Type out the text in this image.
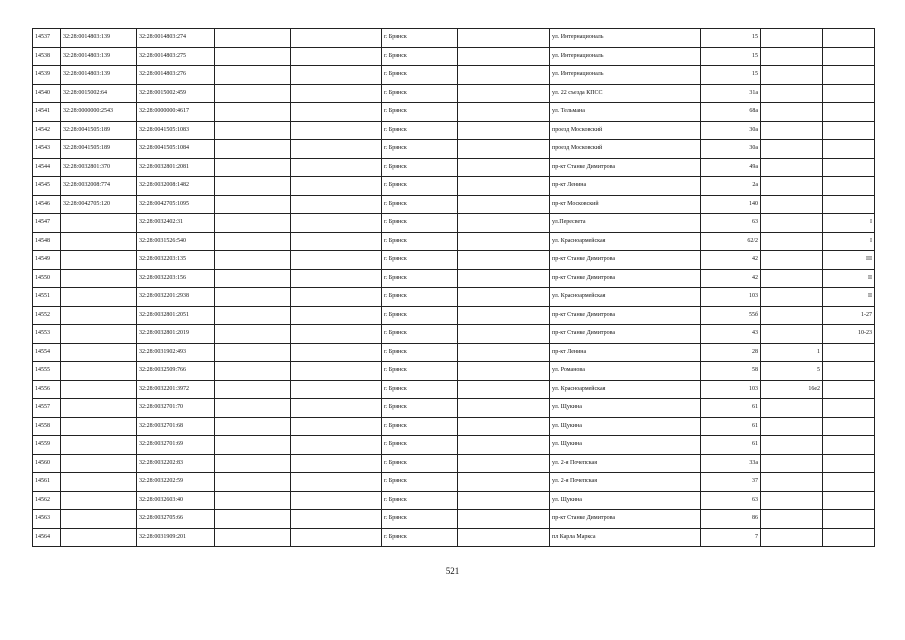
14537	32:28:0014803:139	32:28:0014803:274			г. Брянск		ул. Интернациональ	15		
14538	32:28:0014803:139	32:28:0014803:275			г. Брянск		ул. Интернациональ	15		
14539	32:28:0014803:139	32:28:0014803:276			г. Брянск		ул. Интернациональ	15		
14540	32:28:0015002:64	32:28:0015002:459			г. Брянск		ул. 22 съезда КПСС	31а		
14541	32:28:0000000:2543	32:28:0000000:4617			г. Брянск		ул. Тельмана	68а		
14542	32:28:0041505:189	32:28:0041505:1083			г. Брянск		проезд Московский	30а		
14543	32:28:0041505:189	32:28:0041505:1084			г. Брянск		проезд Московский	30а		
14544	32:28:0032801:370	32:28:0032801:2081			г. Брянск		пр-кт Станке Димитрова	49а		
14545	32:28:0032008:774	32:28:0032008:1482			г. Брянск		пр-кт Ленина	2а		
14546	32:28:0042705:120	32:28:0042705:1095			г. Брянск		пр-кт Московский	140		
14547		32:28:0032402:31			г. Брянск		ул.Пересвета	63		I
14548		32:28:0031526:540			г. Брянск		ул. Красноармейская	62/2		I
14549		32:28:0032203:135			г. Брянск		пр-кт Станке Димитрова	42		III
14550		32:28:0032203:156			г. Брянск		пр-кт Станке Димитрова	42		II
14551		32:28:0032201:2938			г. Брянск		ул. Красноармейская	103		II
14552		32:28:0032801:2051			г. Брянск		пр-кт Станке Димитрова	55б		1-27
14553		32:28:0032801:2019			г. Брянск		пр-кт Станке Димитрова	43		10-23
14554		32:28:0031902:493			г. Брянск		пр-кт Ленина	28	1	
14555		32:28:0032509:766			г. Брянск		ул. Романова	58	5	
14556		32:28:0032201:3972			г. Брянск		ул. Красноармейская	103	16е2	
14557		32:28:0032701:70			г. Брянск		ул. Щукина	61		
14558		32:28:0032701:68			г. Брянск		ул. Щукина	61		
14559		32:28:0032701:69			г. Брянск		ул. Щукина	61		
14560		32:28:0032202:83			г. Брянск		ул. 2-я Почепская	33а		
14561		32:28:0032202:59			г. Брянск		ул. 2-я Почепская	37		
14562		32:28:0032603:40			г. Брянск		ул. Щукина	63		
14563		32:28:0032705:66			г. Брянск		пр-кт Станке Димитрова	86		
14564		32:28:0031909:201			г. Брянск		пл Карла Маркса	7		
521
